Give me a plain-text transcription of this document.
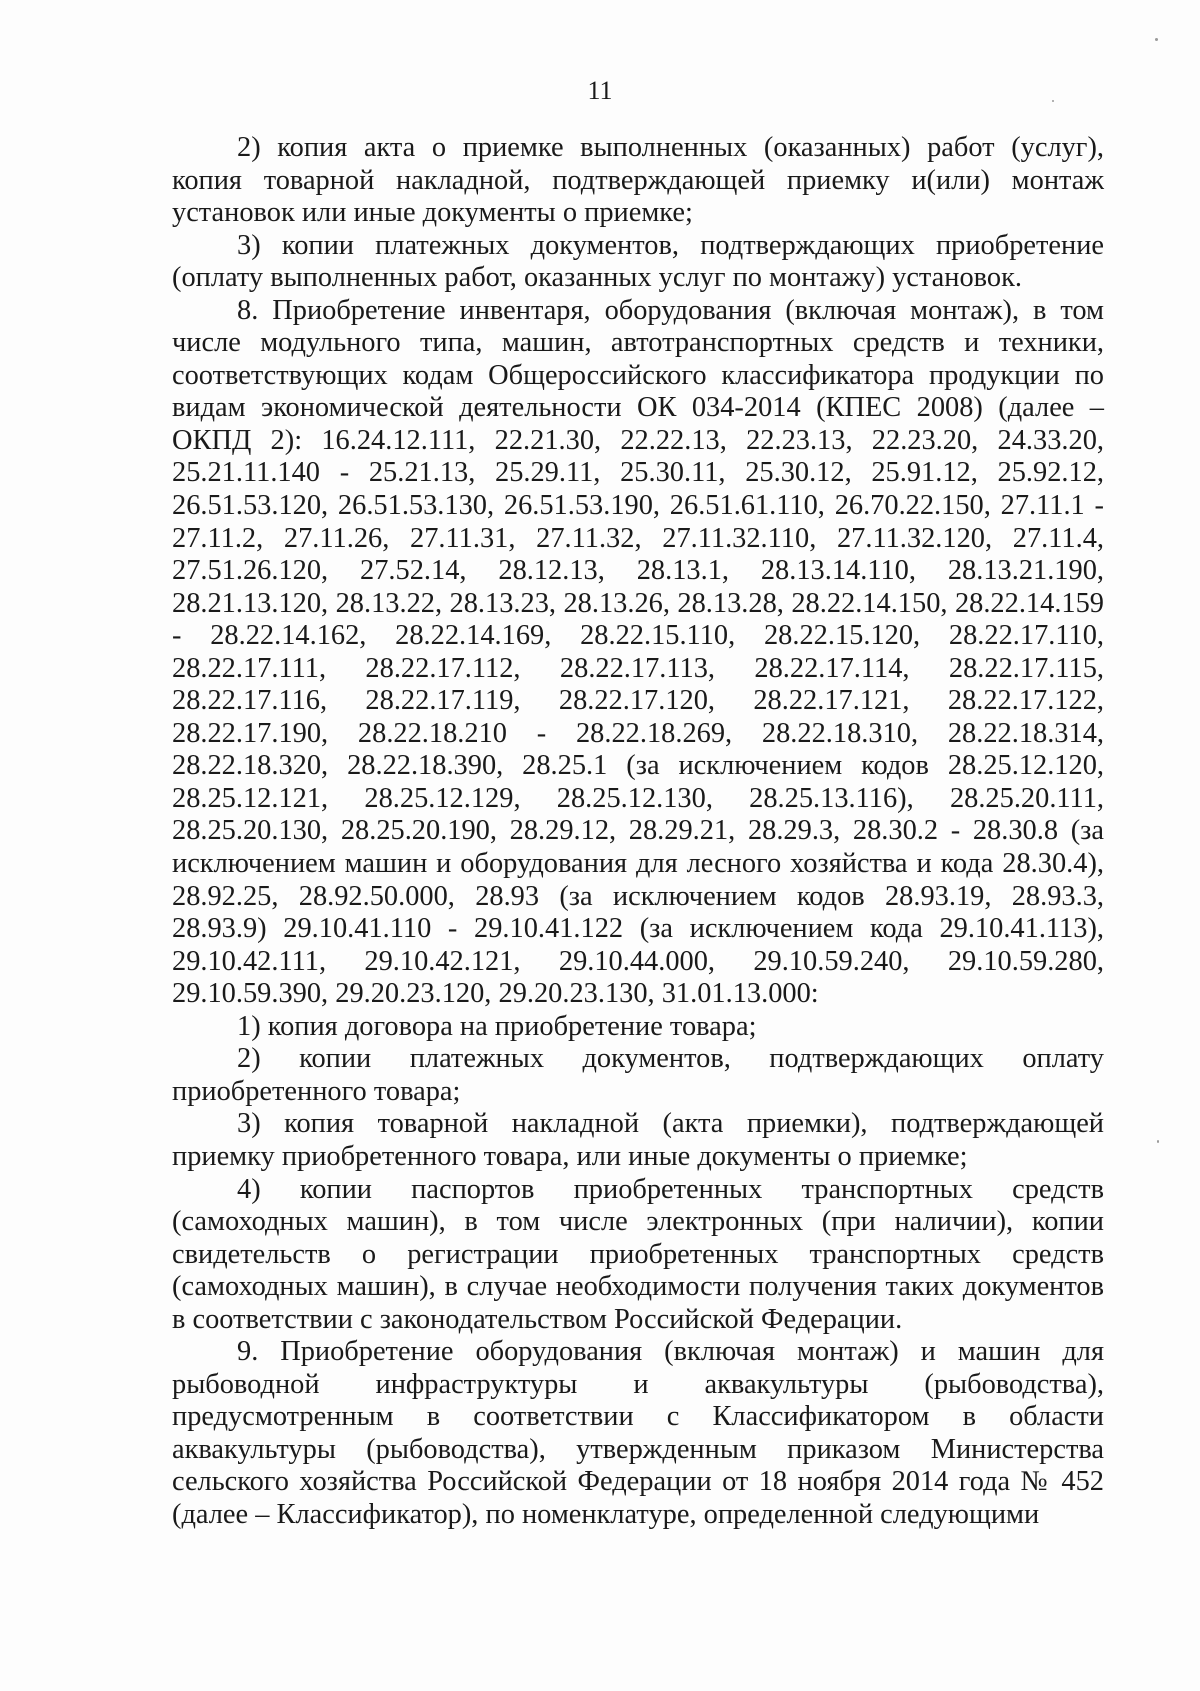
11

2) копия акта о приемке выполненных (оказанных) работ (услуг), копия товарной накладной, подтверждающей приемку и(или) монтаж установок или иные документы о приемке;

3) копии платежных документов, подтверждающих приобретение (оплату выполненных работ, оказанных услуг по монтажу) установок.

8. Приобретение инвентаря, оборудования (включая монтаж), в том числе модульного типа, машин, автотранспортных средств и техники, соответствующих кодам Общероссийского классификатора продукции по видам экономической деятельности ОК 034-2014 (КПЕС 2008) (далее – ОКПД 2): 16.24.12.111, 22.21.30, 22.22.13, 22.23.13, 22.23.20, 24.33.20, 25.21.11.140 - 25.21.13, 25.29.11, 25.30.11, 25.30.12, 25.91.12, 25.92.12, 26.51.53.120, 26.51.53.130, 26.51.53.190, 26.51.61.110, 26.70.22.150, 27.11.1 - 27.11.2, 27.11.26, 27.11.31, 27.11.32, 27.11.32.110, 27.11.32.120, 27.11.4, 27.51.26.120, 27.52.14, 28.12.13, 28.13.1, 28.13.14.110, 28.13.21.190, 28.21.13.120, 28.13.22, 28.13.23, 28.13.26, 28.13.28, 28.22.14.150, 28.22.14.159 - 28.22.14.162, 28.22.14.169, 28.22.15.110, 28.22.15.120, 28.22.17.110, 28.22.17.111, 28.22.17.112, 28.22.17.113, 28.22.17.114, 28.22.17.115, 28.22.17.116, 28.22.17.119, 28.22.17.120, 28.22.17.121, 28.22.17.122, 28.22.17.190, 28.22.18.210 - 28.22.18.269, 28.22.18.310, 28.22.18.314, 28.22.18.320, 28.22.18.390, 28.25.1 (за исключением кодов 28.25.12.120, 28.25.12.121, 28.25.12.129, 28.25.12.130, 28.25.13.116), 28.25.20.111, 28.25.20.130, 28.25.20.190, 28.29.12, 28.29.21, 28.29.3, 28.30.2 - 28.30.8 (за исключением машин и оборудования для лесного хозяйства и кода 28.30.4), 28.92.25, 28.92.50.000, 28.93 (за исключением кодов 28.93.19, 28.93.3, 28.93.9) 29.10.41.110 - 29.10.41.122 (за исключением кода 29.10.41.113), 29.10.42.111, 29.10.42.121, 29.10.44.000, 29.10.59.240, 29.10.59.280, 29.10.59.390, 29.20.23.120, 29.20.23.130, 31.01.13.000:

1) копия договора на приобретение товара;

2) копии платежных документов, подтверждающих оплату приобретенного товара;

3) копия товарной накладной (акта приемки), подтверждающей приемку приобретенного товара, или иные документы о приемке;

4) копии паспортов приобретенных транспортных средств (самоходных машин), в том числе электронных (при наличии), копии свидетельств о регистрации приобретенных транспортных средств (самоходных машин), в случае необходимости получения таких документов в соответствии с законодательством Российской Федерации.

9. Приобретение оборудования (включая монтаж) и машин для рыбоводной инфраструктуры и аквакультуры (рыбоводства), предусмотренным в соответствии с Классификатором в области аквакультуры (рыбоводства), утвержденным приказом Министерства сельского хозяйства Российской Федерации от 18 ноября 2014 года № 452 (далее – Классификатор), по номенклатуре, определенной следующими
